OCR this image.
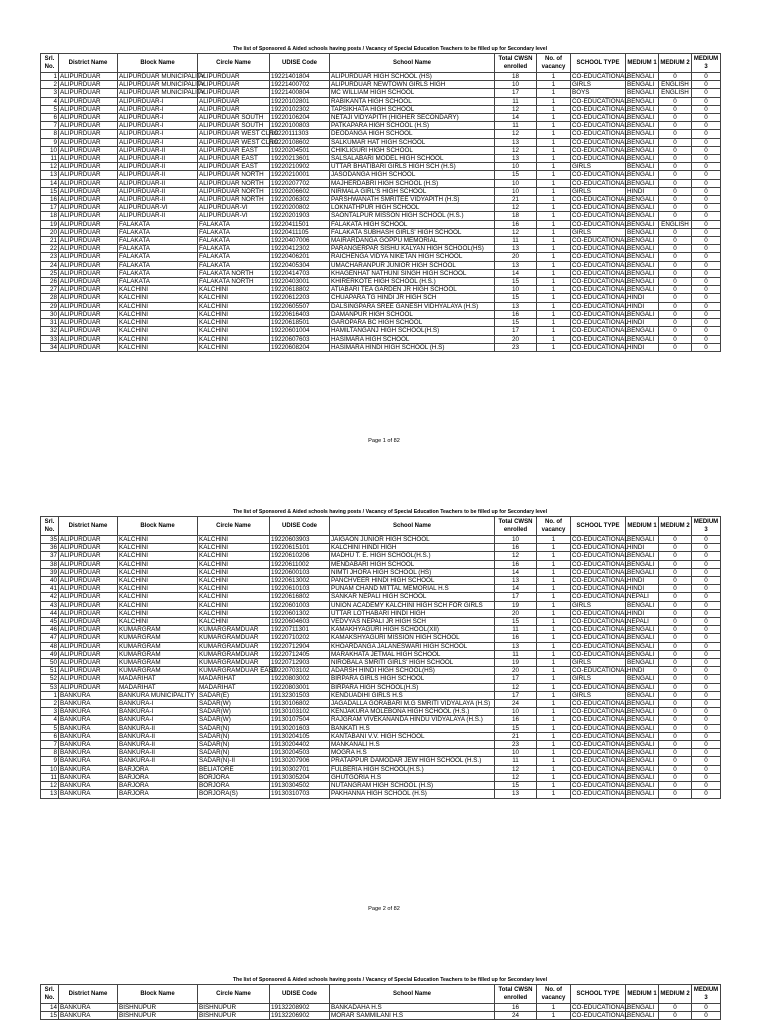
The list of Sponsored & Aided schools having posts / Vacancy of Special Education Teachers to be filled up for Secondary level
Srl. No.	District Name	Block Name	Circle Name	UDISE Code	School Name	Total CWSN enrolled	No. of vacancy	SCHOOL TYPE	MEDIUM 1	MEDIUM 2	MEDIUM 3
1	ALIPURDUAR	ALIPURDUAR MUNICIPALITY	ALIPURDUAR	19221401804	ALIPURDUAR HIGH SCHOOL (HS)	18	1	CO-EDUCATIONAL	BENGALI	0	0
2	ALIPURDUAR	ALIPURDUAR MUNICIPALITY	ALIPURDUAR	19221400702	ALIPURDUAR NEWTOWN GIRLS HIGH	10	1	GIRLS	BENGALI	ENGLISH	0
3	ALIPURDUAR	ALIPURDUAR MUNICIPALITY	ALIPURDUAR	19221400804	MC WILLIAM HIGH SCHOOL	17	1	BOYS	BENGALI	ENGLISH	0
4	ALIPURDUAR	ALIPURDUAR-I	ALIPURDUAR	19220102801	RABIKANTA HIGH SCHOOL	11	1	CO-EDUCATIONAL	BENGALI	0	0
5	ALIPURDUAR	ALIPURDUAR-I	ALIPURDUAR	19220102302	TAPSIKHATA HIGH SCHOOL	12	1	CO-EDUCATIONAL	BENGALI	0	0
6	ALIPURDUAR	ALIPURDUAR-I	ALIPURDUAR SOUTH	19220106204	NETAJI VIDYAPITH (HIGHER SECONDARY)	14	1	CO-EDUCATIONAL	BENGALI	0	0
7	ALIPURDUAR	ALIPURDUAR-I	ALIPURDUAR SOUTH	19220100803	PATKAPARA HIGH SCHOOL (H.S)	11	1	CO-EDUCATIONAL	BENGALI	0	0
8	ALIPURDUAR	ALIPURDUAR-I	ALIPURDUAR WEST CLRC	19220111303	DEODANGA HIGH SCHOOL	12	1	CO-EDUCATIONAL	BENGALI	0	0
9	ALIPURDUAR	ALIPURDUAR-I	ALIPURDUAR WEST CLRC	19220108602	SALKUMAR HAT HIGH SCHOOL	13	1	CO-EDUCATIONAL	BENGALI	0	0
10	ALIPURDUAR	ALIPURDUAR-II	ALIPURDUAR EAST	19220204501	CHIKLIGURI HIGH SCHOOL	12	1	CO-EDUCATIONAL	BENGALI	0	0
11	ALIPURDUAR	ALIPURDUAR-II	ALIPURDUAR EAST	19220213601	SALSALABARI MODEL HIGH SCHOOL	13	1	CO-EDUCATIONAL	BENGALI	0	0
12	ALIPURDUAR	ALIPURDUAR-II	ALIPURDUAR EAST	19220210902	UTTAR BHATIBARI GIRLS HIGH SCH (H.S)	10	1	GIRLS	BENGALI	0	0
13	ALIPURDUAR	ALIPURDUAR-II	ALIPURDUAR NORTH	19220210001	JASODANGA HIGH SCHOOL	15	1	CO-EDUCATIONAL	BENGALI	0	0
14	ALIPURDUAR	ALIPURDUAR-II	ALIPURDUAR NORTH	19220207702	MAJHERDABRI HIGH SCHOOL (H.S)	10	1	CO-EDUCATIONAL	BENGALI	0	0
15	ALIPURDUAR	ALIPURDUAR-II	ALIPURDUAR NORTH	19220206602	NIRMALA GIRL'S HIGH SCHOOL	10	1	GIRLS	HINDI	0	0
16	ALIPURDUAR	ALIPURDUAR-II	ALIPURDUAR NORTH	19220206302	PARSHWANATH SMRITEE VIDYAPITH (H.S)	21	1	CO-EDUCATIONAL	BENGALI	0	0
17	ALIPURDUAR	ALIPURDUAR-VI	ALIPURDUAR-VI	19220200802	LOKNATHPUR HIGH SCHOOL	12	1	CO-EDUCATIONAL	BENGALI	0	0
18	ALIPURDUAR	ALIPURDUAR-II	ALIPURDUAR-VI	19220201903	SAONTALPUR MISSON HIGH SCHOOL (H.S.)	18	1	CO-EDUCATIONAL	BENGALI	0	0
19	ALIPURDUAR	FALAKATA	FALAKATA	19220411501	FALAKATA HIGH SCHOOL	16	1	CO-EDUCATIONAL	BENGALI	ENGLISH	0
20	ALIPURDUAR	FALAKATA	FALAKATA	19220411105	FALAKATA SUBHASH GIRLS' HIGH SCHOOL	12	1	GIRLS	BENGALI	0	0
21	ALIPURDUAR	FALAKATA	FALAKATA	19220407006	MAIRARDANGA GOPPU MEMORIAL	11	1	CO-EDUCATIONAL	BENGALI	0	0
22	ALIPURDUAR	FALAKATA	FALAKATA	19220412302	PARANGERPAR SISHU KALYAN HIGH SCHOOL(HS)	13	1	CO-EDUCATIONAL	BENGALI	0	0
23	ALIPURDUAR	FALAKATA	FALAKATA	19220406201	RAICHENGA VIDYA NIKETAN HIGH SCHOOL	20	1	CO-EDUCATIONAL	BENGALI	0	0
24	ALIPURDUAR	FALAKATA	FALAKATA	19220405304	UMACHARANPUR JUNIOR HIGH SCHOOL	13	1	CO-EDUCATIONAL	BENGALI	0	0
25	ALIPURDUAR	FALAKATA	FALAKATA NORTH	19220414703	KHAGENHAT NATHUNI SINGH HIGH SCHOOL	14	1	CO-EDUCATIONAL	BENGALI	0	0
26	ALIPURDUAR	FALAKATA	FALAKATA NORTH	19220403001	KHIRERKOTE HIGH SCHOOL (H.S.)	15	1	CO-EDUCATIONAL	BENGALI	0	0
27	ALIPURDUAR	KALCHINI	KALCHINI	19220618802	ATIABARI TEA GARDEN JR HIGH SCHOOL	10	1	CO-EDUCATIONAL	BENGALI	0	0
28	ALIPURDUAR	KALCHINI	KALCHINI	19220612203	CHUAPARA TG HINDI JR HIGH SCH	15	1	CO-EDUCATIONAL	HINDI	0	0
29	ALIPURDUAR	KALCHINI	KALCHINI	19220605507	DALSINGPARA SREE GANESH VIDHYALAYA (H.S)	13	1	CO-EDUCATIONAL	HINDI	0	0
30	ALIPURDUAR	KALCHINI	KALCHINI	19220616403	DAMANPUR HIGH SCHOOL	16	1	CO-EDUCATIONAL	BENGALI	0	0
31	ALIPURDUAR	KALCHINI	KALCHINI	19220618501	GAROPARA BC HIGH SCHOOL	15	1	CO-EDUCATIONAL	HINDI	0	0
32	ALIPURDUAR	KALCHINI	KALCHINI	19220601004	HAMILTANGANJ HIGH SCHOOL(H.S)	17	1	CO-EDUCATIONAL	BENGALI	0	0
33	ALIPURDUAR	KALCHINI	KALCHINI	19220607603	HASIMARA HIGH SCHOOL	20	1	CO-EDUCATIONAL	BENGALI	0	0
34	ALIPURDUAR	KALCHINI	KALCHINI	19220608204	HASIMARA HINDI HIGH SCHOOL (H.S)	23	1	CO-EDUCATIONAL	HINDI	0	0
Page 1 of 82
The list of Sponsored & Aided schools having posts / Vacancy of Special Education Teachers to be filled up for Secondary level
Srl. No.	District Name	Block Name	Circle Name	UDISE Code	School Name	Total CWSN enrolled	No. of vacancy	SCHOOL TYPE	MEDIUM 1	MEDIUM 2	MEDIUM 3
35	ALIPURDUAR	KALCHINI	KALCHINI	19220603903	JAIGAON JUNIOR HIGH SCHOOL	10	1	CO-EDUCATIONAL	BENGALI	0	0
36	ALIPURDUAR	KALCHINI	KALCHINI	19220615101	KALCHINI HINDI HIGH	16	1	CO-EDUCATIONAL	HINDI	0	0
37	ALIPURDUAR	KALCHINI	KALCHINI	19220610206	MADHU T. E. HIGH SCHOOL(H.S.)	12	1	CO-EDUCATIONAL	BENGALI	0	0
38	ALIPURDUAR	KALCHINI	KALCHINI	19220611002	MENDABARI HIGH SCHOOL	16	1	CO-EDUCATIONAL	BENGALI	0	0
39	ALIPURDUAR	KALCHINI	KALCHINI	19220600103	NIMTI JHORA HIGH SCHOOL (HS)	14	1	CO-EDUCATIONAL	BENGALI	0	0
40	ALIPURDUAR	KALCHINI	KALCHINI	19220613002	PANCHVEER HINDI HIGH SCHOOL	13	1	CO-EDUCATIONAL	HINDI	0	0
41	ALIPURDUAR	KALCHINI	KALCHINI	19220610103	PUNAM CHAND MITTAL MEMORIAL H.S	14	1	CO-EDUCATIONAL	HINDI	0	0
42	ALIPURDUAR	KALCHINI	KALCHINI	19220616802	SANKAR NEPALI HIGH SCHOOL	17	1	CO-EDUCATIONAL	NEPALI	0	0
43	ALIPURDUAR	KALCHINI	KALCHINI	19220601003	UNION ACADEMY KALCHINI HIGH SCH FOR GIRLS	19	1	GIRLS	BENGALI	0	0
44	ALIPURDUAR	KALCHINI	KALCHINI	19220601302	UTTAR LOTHABARI HINDI HIGH	20	1	CO-EDUCATIONAL	HINDI	0	0
45	ALIPURDUAR	KALCHINI	KALCHINI	19220604603	VEDVYAS NEPALI JR HIGH SCH	15	1	CO-EDUCATIONAL	NEPALI	0	0
46	ALIPURDUAR	KUMARGRAM	KUMARGRAMDUAR	19220711301	KAMAKHYAGURI HIGH SCHOOL(XII)	11	1	CO-EDUCATIONAL	BENGALI	0	0
47	ALIPURDUAR	KUMARGRAM	KUMARGRAMDUAR	19220710202	KAMAKSHYAGURI MISSION HIGH SCHOOL	16	1	CO-EDUCATIONAL	BENGALI	0	0
48	ALIPURDUAR	KUMARGRAM	KUMARGRAMDUAR	19220712904	KHOARDANGA JALANESWARI HIGH SCHOOL	13	1	CO-EDUCATIONAL	BENGALI	0	0
49	ALIPURDUAR	KUMARGRAM	KUMARGRAMDUAR	19220712405	MARAKHATA JETMAL HIGH SCHOOL	11	1	CO-EDUCATIONAL	BENGALI	0	0
50	ALIPURDUAR	KUMARGRAM	KUMARGRAMDUAR	19220712903	NIROBALA SMRITI GIRLS' HIGH SCHOOL	19	1	GIRLS	BENGALI	0	0
51	ALIPURDUAR	KUMARGRAM	KUMARGRAMDUAR EAST	19220703102	ADARSH HINDI HIGH SCHOOL(HS)	20	1	CO-EDUCATIONAL	HINDI	0	0
52	ALIPURDUAR	MADARIHAT	MADARIHAT	19220803002	BIRPARA GIRLS HIGH SCHOOL	17	1	GIRLS	BENGALI	0	0
53	ALIPURDUAR	MADARIHAT	MADARIHAT	19220803001	BIRPARA HIGH SCHOOL(H.S)	12	1	CO-EDUCATIONAL	BENGALI	0	0
1	BANKURA	BANKURA MUNICIPALITY	SADAR(E)	19132301503	KENDUADIHI GIRLS H.S	17	1	GIRLS	BENGALI	0	0
2	BANKURA	BANKURA-I	SADAR(W)	19130106802	JAGADALLA GORABARI M.G SMRITI VIDYALAYA (H.S)	24	1	CO-EDUCATIONAL	BENGALI	0	0
3	BANKURA	BANKURA-I	SADAR(W)	19130103102	KENJAKURA MOLEBONA HIGH SCHOOL (H.S.)	10	1	CO-EDUCATIONAL	BENGALI	0	0
4	BANKURA	BANKURA-I	SADAR(W)	19130107504	RAJGRAM VIVEKANANDA HINDU VIDYALAYA (H.S.)	16	1	CO-EDUCATIONAL	BENGALI	0	0
5	BANKURA	BANKURA-II	SADAR(N)	19130201603	BANKATI H.S	15	1	CO-EDUCATIONAL	BENGALI	0	0
6	BANKURA	BANKURA-II	SADAR(N)	19130204105	KANTABANI V.V. HIGH SCHOOL	21	1	CO-EDUCATIONAL	BENGALI	0	0
7	BANKURA	BANKURA-II	SADAR(N)	19130204402	MANKANALI H.S	23	1	CO-EDUCATIONAL	BENGALI	0	0
8	BANKURA	BANKURA-II	SADAR(N)	19130204503	MOGRA H.S	10	1	CO-EDUCATIONAL	BENGALI	0	0
9	BANKURA	BANKURA-II	SADAR(N)-II	19130207906	PRATAPPUR DAMODAR JEW HIGH SCHOOL (H.S.)	11	1	CO-EDUCATIONAL	BENGALI	0	0
10	BANKURA	BARJORA	BELIATORE	19130302701	FULBERIA HIGH SCHOOL(H.S.)	12	1	CO-EDUCATIONAL	BENGALI	0	0
11	BANKURA	BARJORA	BORJORA	19130305204	GHUTGORIA H.S	12	1	CO-EDUCATIONAL	BENGALI	0	0
12	BANKURA	BARJORA	BORJORA	19130304502	NUTANGRAM HIGH SCHOOL (H.S)	15	1	CO-EDUCATIONAL	BENGALI	0	0
13	BANKURA	BARJORA	BORJORA(S)	19130310703	PAKHANNA HIGH SCHOOL (H.S)	13	1	CO-EDUCATIONAL	BENGALI	0	0
Page 2 of 82
The list of Sponsored & Aided schools having posts / Vacancy of Special Education Teachers to be filled up for Secondary level
Srl. No.	District Name	Block Name	Circle Name	UDISE Code	School Name	Total CWSN enrolled	No. of vacancy	SCHOOL TYPE	MEDIUM 1	MEDIUM 2	MEDIUM 3
14	BANKURA	BISHNUPUR	BISHNUPUR	19132208902	BANKADAHA H.S	16	1	CO-EDUCATIONAL	BENGALI	0	0
15	BANKURA	BISHNUPUR	BISHNUPUR	19132206902	MORAR SAMMILANI H.S	24	1	CO-EDUCATIONAL	BENGALI	0	0
